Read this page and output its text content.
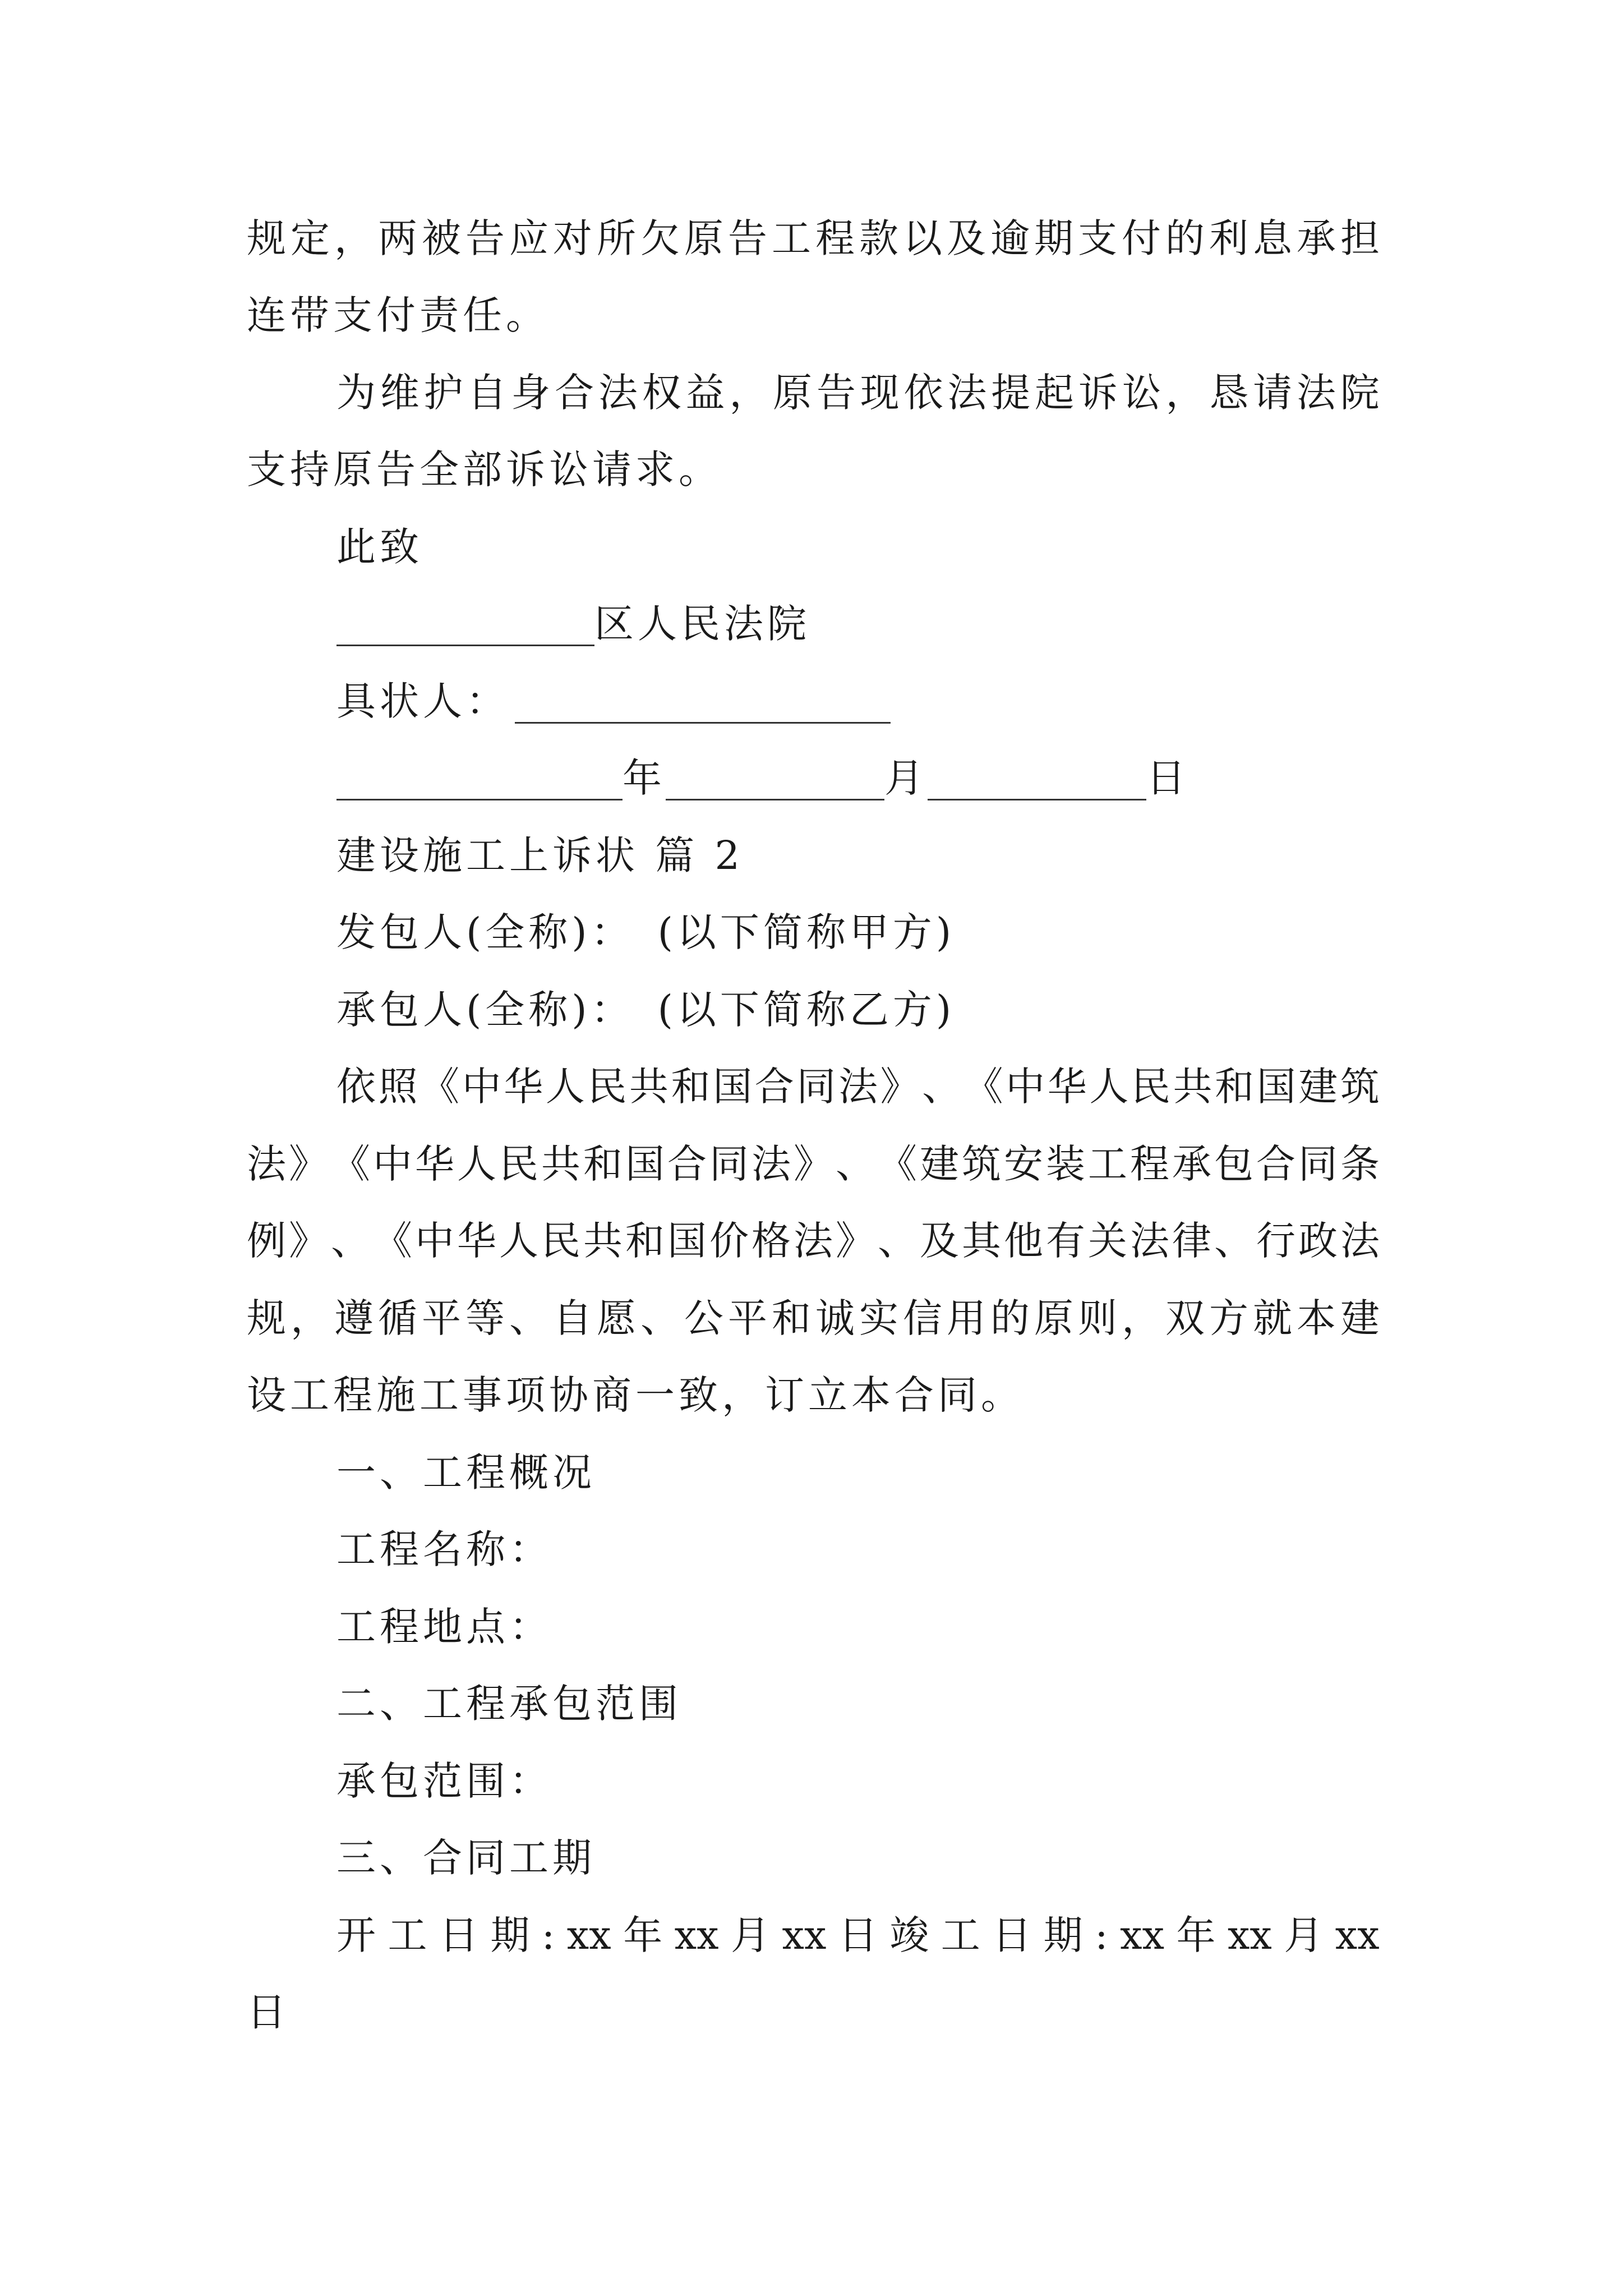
规 定 ， 两 被 告 应 对 所 欠 原 告 工 程 款 以 及 逾 期 支 付 的 利 息 承 担
连带支付责任。
为 维 护 自 身 合 法 权 益 ， 原 告 现 依 法 提 起 诉 讼 ， 恳 请 法 院
支持原告全部诉讼请求。
此致
区人民法院
具状人：
年	月	日
建设施工上诉状 篇 2
发包人(全称)：　(以下简称甲方)
承包人(全称)：　(以下简称乙方)
依 照 《 中 华 人 民 共 和 国 合 同 法 》 、 《 中 华 人 民 共 和 国 建 筑
法 》 《 中 华 人 民 共 和 国 合 同 法 》 、 《 建 筑 安 装 工 程 承 包 合 同 条
例 》 、 《 中 华 人 民 共 和 国 价 格 法 》 、 及 其 他 有 关 法 律 、 行 政 法
规 ， 遵 循 平 等 、 自 愿 、 公 平 和 诚 实 信 用 的 原 则 ， 双 方 就 本 建
设工程施工事项协商一致，订立本合同。
一、工程概况
工程名称：
工程地点：
二、工程承包范围
承包范围：
三、合同工期
开 工 日 期 : xx 年 xx 月 xx 日 竣 工 日 期 : xx 年 xx 月 xx
日
